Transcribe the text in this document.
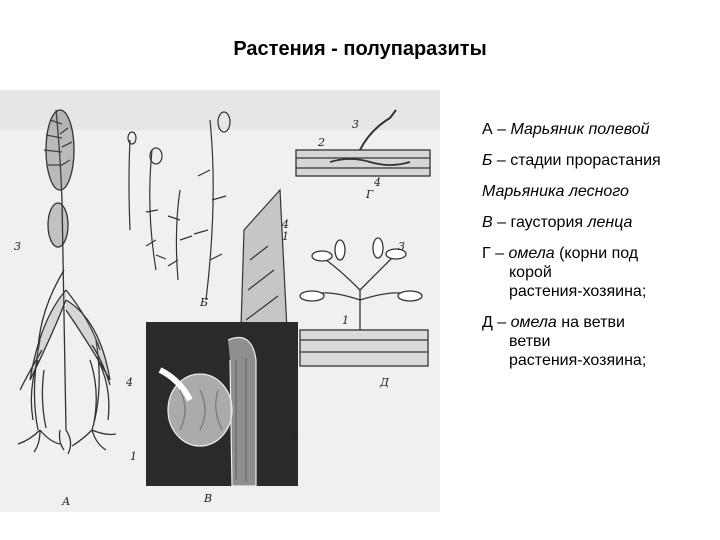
Растения - полупаразиты
3
А
4
1
Б
3
2
4
Г
3
1
Д
4
2
1
В
А – Марьяник полевой
Б – стадии прорастания
Марьяника лесного
В – гаустория ленца
Г – омела (корни под
корой
растения-хозяина;
Д – омела на ветви
ветви
растения-хозяина;
